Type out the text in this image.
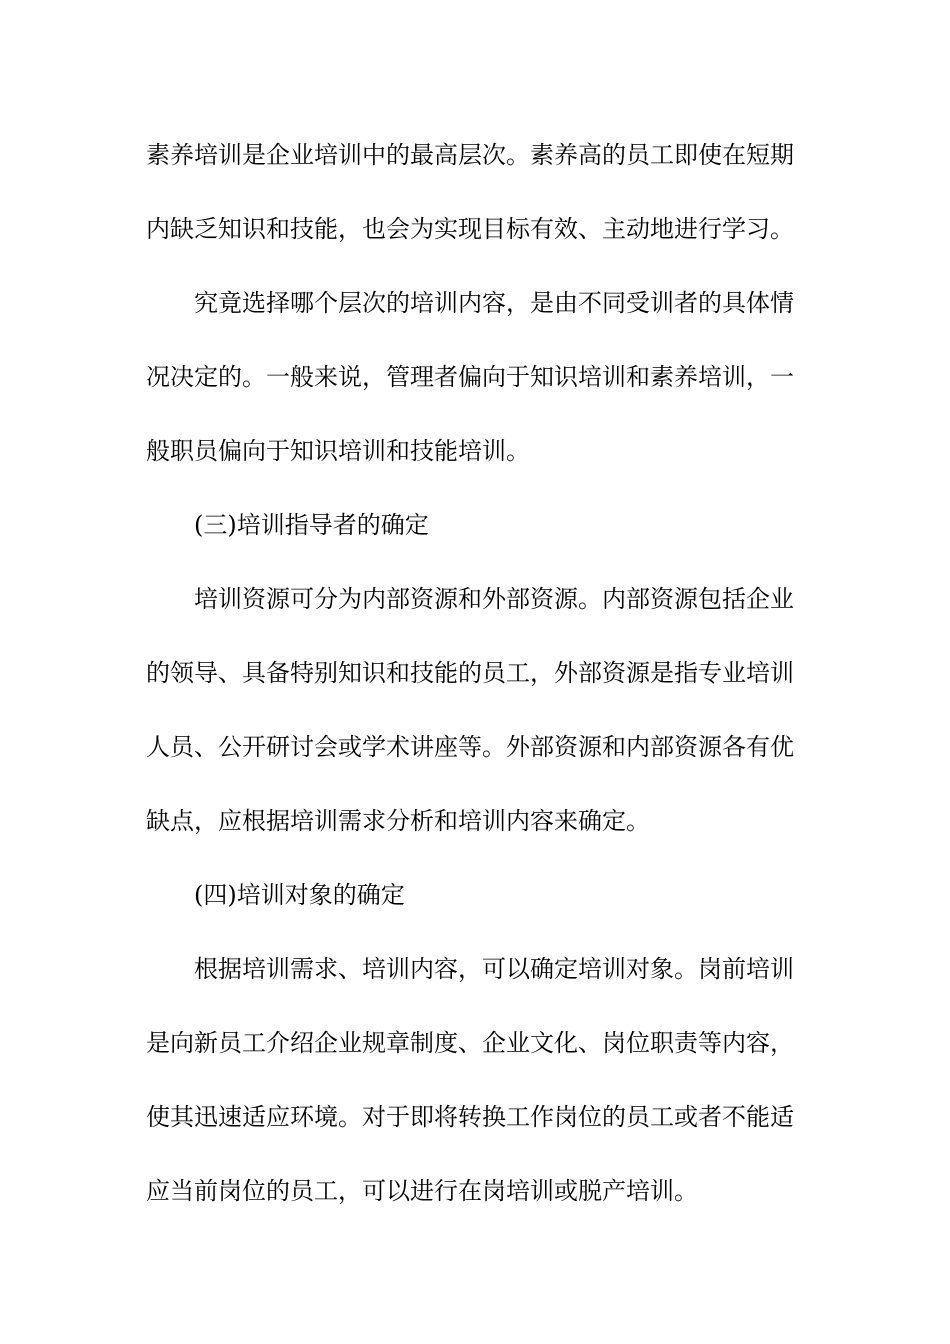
素养培训是企业培训中的最高层次。素养高的员工即使在短期
内缺乏知识和技能，也会为实现目标有效、主动地进行学习。
究竟选择哪个层次的培训内容，是由不同受训者的具体情
况决定的。一般来说，管理者偏向于知识培训和素养培训，一
般职员偏向于知识培训和技能培训。
(三)培训指导者的确定
培训资源可分为内部资源和外部资源。内部资源包括企业
的领导、具备特别知识和技能的员工，外部资源是指专业培训
人员、公开研讨会或学术讲座等。外部资源和内部资源各有优
缺点，应根据培训需求分析和培训内容来确定。
(四)培训对象的确定
根据培训需求、培训内容，可以确定培训对象。岗前培训
是向新员工介绍企业规章制度、企业文化、岗位职责等内容，
使其迅速适应环境。对于即将转换工作岗位的员工或者不能适
应当前岗位的员工，可以进行在岗培训或脱产培训。
